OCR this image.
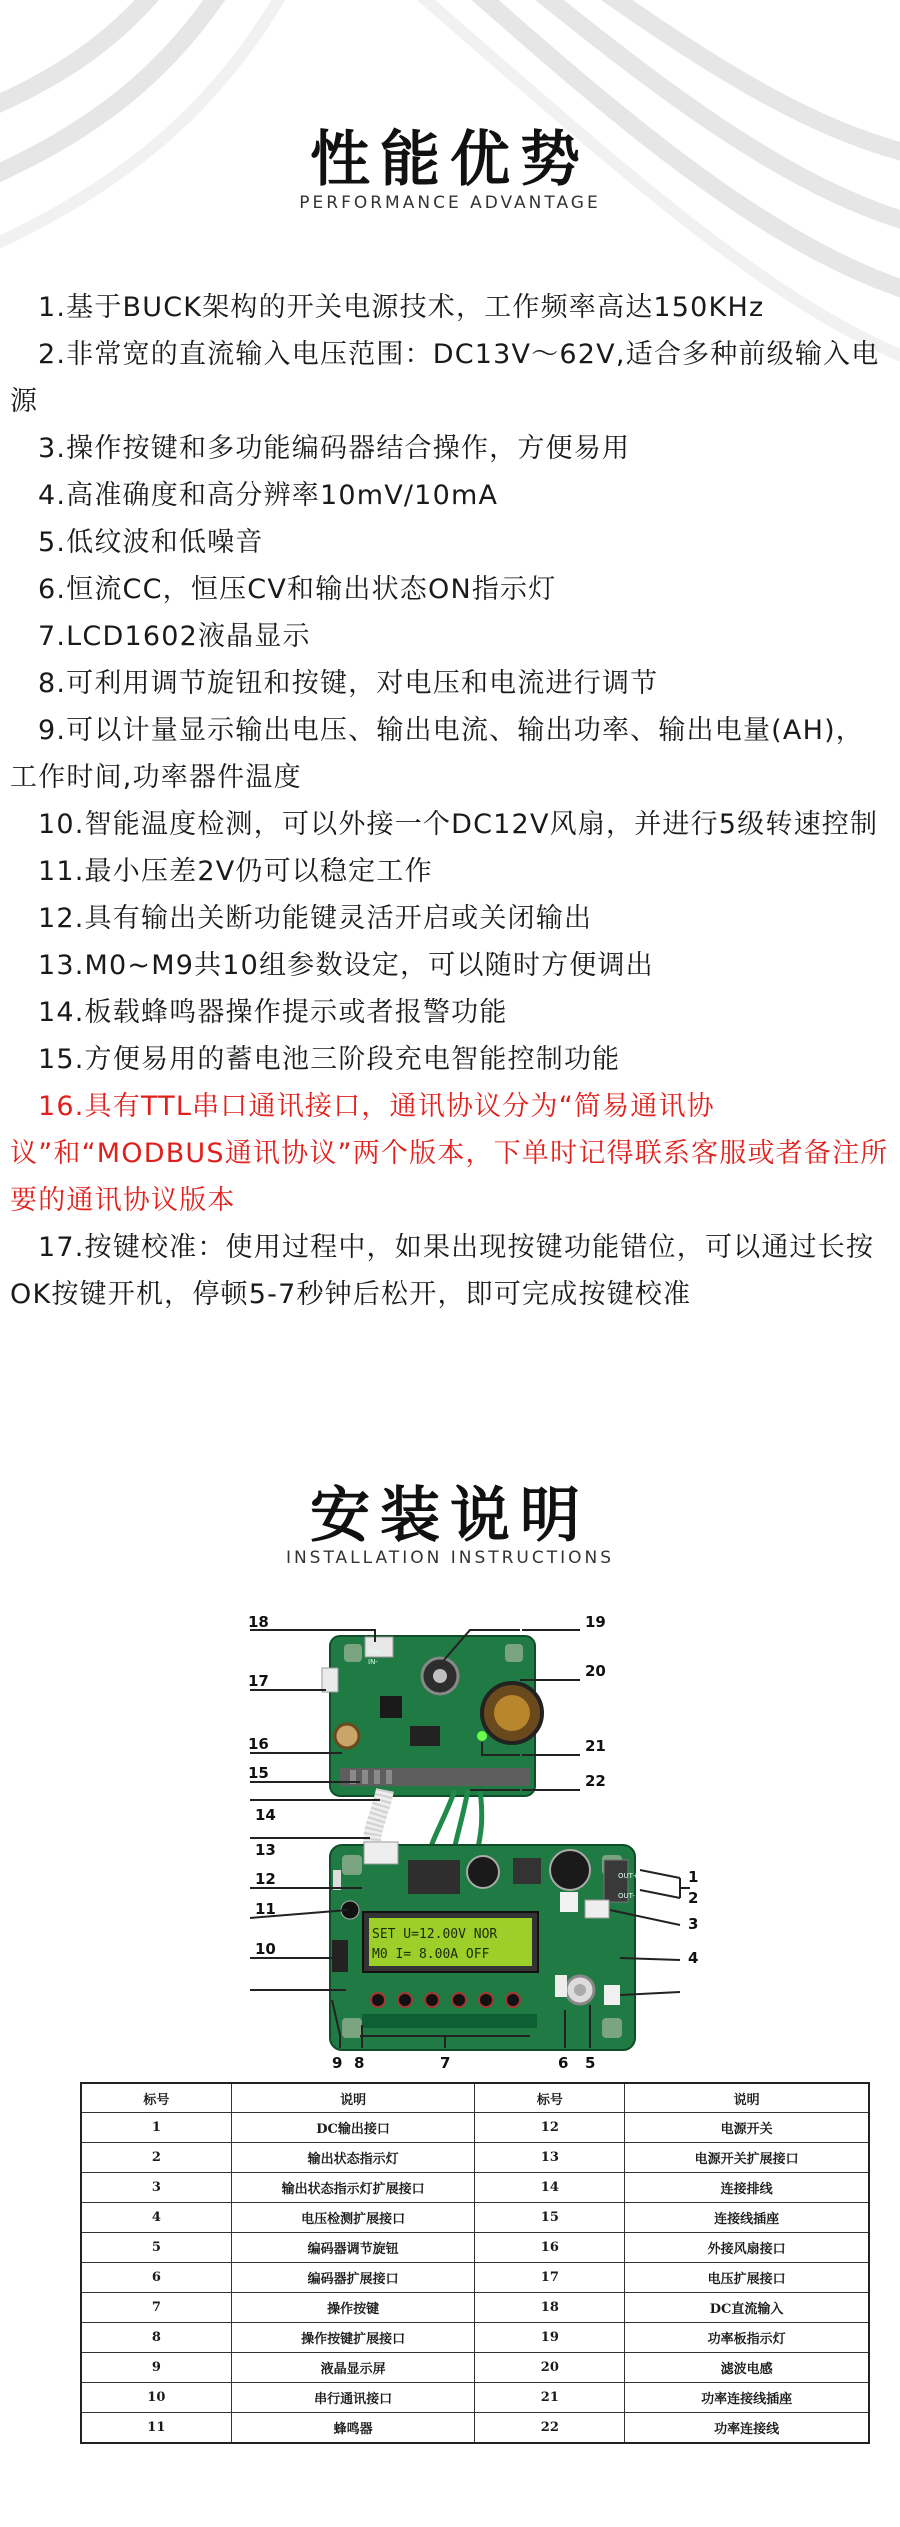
性能优势
PERFORMANCE ADVANTAGE
1.基于BUCK架构的开关电源技术，工作频率高达150KHz
2.非常宽的直流输入电压范围：DC13V～62V,适合多种前级输入电源
3.操作按键和多功能编码器结合操作，方便易用
4.高准确度和高分辨率10mV/10mA
5.低纹波和低噪音
6.恒流CC，恒压CV和输出状态ON指示灯
7.LCD1602液晶显示
8.可利用调节旋钮和按键，对电压和电流进行调节
9.可以计量显示输出电压、输出电流、输出功率、输出电量(AH)，工作时间,功率器件温度
10.智能温度检测，可以外接一个DC12V风扇，并进行5级转速控制
11.最小压差2V仍可以稳定工作
12.具有输出关断功能键灵活开启或关闭输出
13.M0~M9共10组参数设定，可以随时方便调出
14.板载蜂鸣器操作提示或者报警功能
15.方便易用的蓄电池三阶段充电智能控制功能
16.具有TTL串口通讯接口，通讯协议分为“简易通讯协议”和“MODBUS通讯协议”两个版本，下单时记得联系客服或者备注所要的通讯协议版本
17.按键校准：使用过程中，如果出现按键功能错位，可以通过长按OK按键开机，停顿5-7秒钟后松开，即可完成按键校准
安装说明
INSTALLATION INSTRUCTIONS
SET U=12.00V NOR
M0 I= 8.00A OFF
OUT+
OUT-
IN+
IN-
18
17
16
15
14
13
12
11
10
9 8	7	6 5
4
3
2
1
19
20
21
22
标号	说明	标号	说明
1	DC输出接口	12	电源开关
2	输出状态指示灯	13	电源开关扩展接口
3	输出状态指示灯扩展接口	14	连接排线
4	电压检测扩展接口	15	连接线插座
5	编码器调节旋钮	16	外接风扇接口
6	编码器扩展接口	17	电压扩展接口
7	操作按键	18	DC直流输入
8	操作按键扩展接口	19	功率板指示灯
9	液晶显示屏	20	滤波电感
10	串行通讯接口	21	功率连接线插座
11	蜂鸣器	22	功率连接线
